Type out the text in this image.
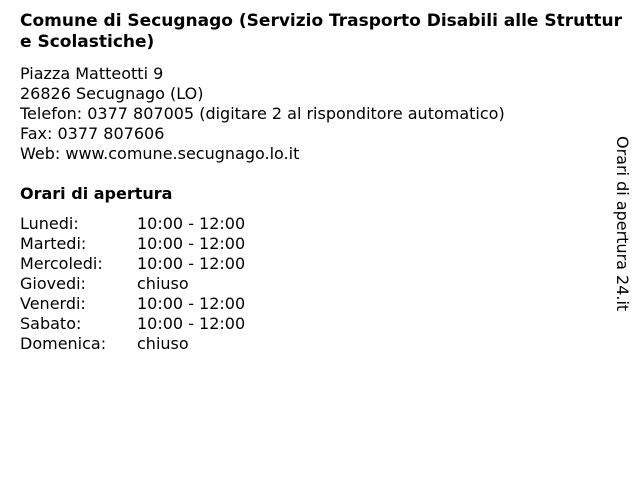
Comune di Secugnago (Servizio Trasporto Disabili alle Strutture Scolastiche)
Piazza Matteotti 9
26826 Secugnago (LO)
Telefon: 0377 807005 (digitare 2 al risponditore automatico)
Fax: 0377 807606
Web: www.comune.secugnago.lo.it
Orari di apertura
Lunedi:	10:00 - 12:00
Martedi:	10:00 - 12:00
Mercoledi:	10:00 - 12:00
Giovedi:	chiuso
Venerdi:	10:00 - 12:00
Sabato:	10:00 - 12:00
Domenica:	chiuso
Orari di apertura 24.it
